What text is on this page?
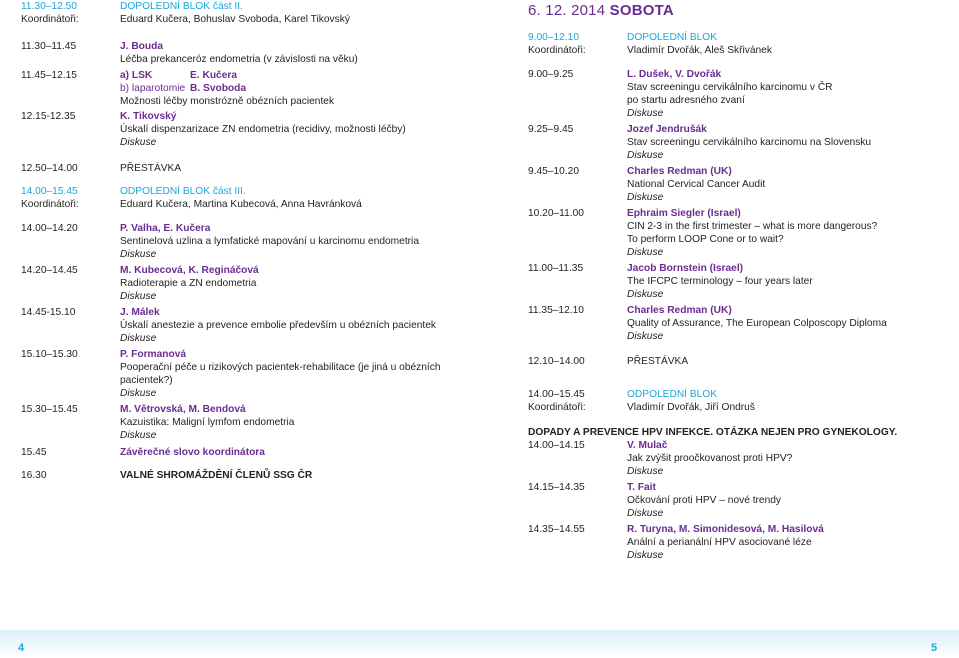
11.30–12.50	DOPOLEDNÍ BLOK část II.
Koordinátoři:	Eduard Kučera, Bohuslav Svoboda, Karel Tikovský
11.30–11.45	J. Bouda
Léčba prekanceróz endometria (v závislosti na věku)
11.45–12.15	a) LSK	E. Kučera
b) laparotomie B. Svoboda
Možnosti léčby monstrózně obézních pacientek
12.15-12.35	K. Tikovský
Úskalí dispenzarizace ZN endometria (recidivy, možnosti léčby)
Diskuse
12.50–14.00	PŘESTÁVKA
14.00–15.45	ODPOLEDNÍ BLOK část III.
Koordinátoři:	Eduard Kučera, Martina Kubecová, Anna Havránková
14.00–14.20	P. Valha, E. Kučera
Sentinelová uzlina a lymfatické mapování u karcinomu endometria
Diskuse
14.20–14.45	M. Kubecová, K. Regináčová
Radioterapie a ZN endometria
Diskuse
14.45-15.10	J. Málek
Úskalí anestezie a prevence embolie především u obézních pacientek
Diskuse
15.10–15.30	P. Formanová
Pooperační péče u rizikových pacientek-rehabilitace (je jiná u obézních
pacientek?)
Diskuse
15.30–15.45	M. Větrovská, M. Bendová
Kazuistika: Maligní lymfom endometria
Diskuse
15.45	Závěrečné slovo koordinátora
16.30	VALNÉ SHROMÁŽDĚNÍ ČLENŮ SSG ČR
6. 12. 2014 SOBOTA
9.00–12.10	DOPOLEDNÍ BLOK
Koordinátoři:	Vladimír Dvořák, Aleš Skřivánek
9.00–9.25	L. Dušek, V. Dvořák
Stav screeningu cervikálního karcinomu v ČR
po startu adresného zvaní
Diskuse
9.25–9.45	Jozef Jendrušák
Stav screeningu cervikálního karcinomu na Slovensku
Diskuse
9.45–10.20	Charles Redman (UK)
National Cervical Cancer Audit
Diskuse
10.20–11.00	Ephraim Siegler (Israel)
CIN 2-3 in the first trimester – what is more dangerous?
To perform LOOP Cone or to wait?
Diskuse
11.00–11.35	Jacob Bornstein (Israel)
The IFCPC terminology – four years later
Diskuse
11.35–12.10	Charles Redman (UK)
Quality of Assurance, The European Colposcopy Diploma
Diskuse
12.10–14.00	PŘESTÁVKA
14.00–15.45	ODPOLEDNÍ BLOK
Koordinátoři:	Vladimír Dvořák, Jiří Ondruš
DOPADY A PREVENCE HPV INFEKCE. OTÁZKA NEJEN PRO GYNEKOLOGY.
14.00–14.15	V. Mulač
Jak zvýšit proočkovanost proti HPV?
Diskuse
14.15–14.35	T. Fait
Očkování proti HPV – nové trendy
Diskuse
14.35–14.55	R. Turyna, M. Simonidesová, M. Hasilová
Anální a perianální HPV asociované léze
Diskuse
4	5
